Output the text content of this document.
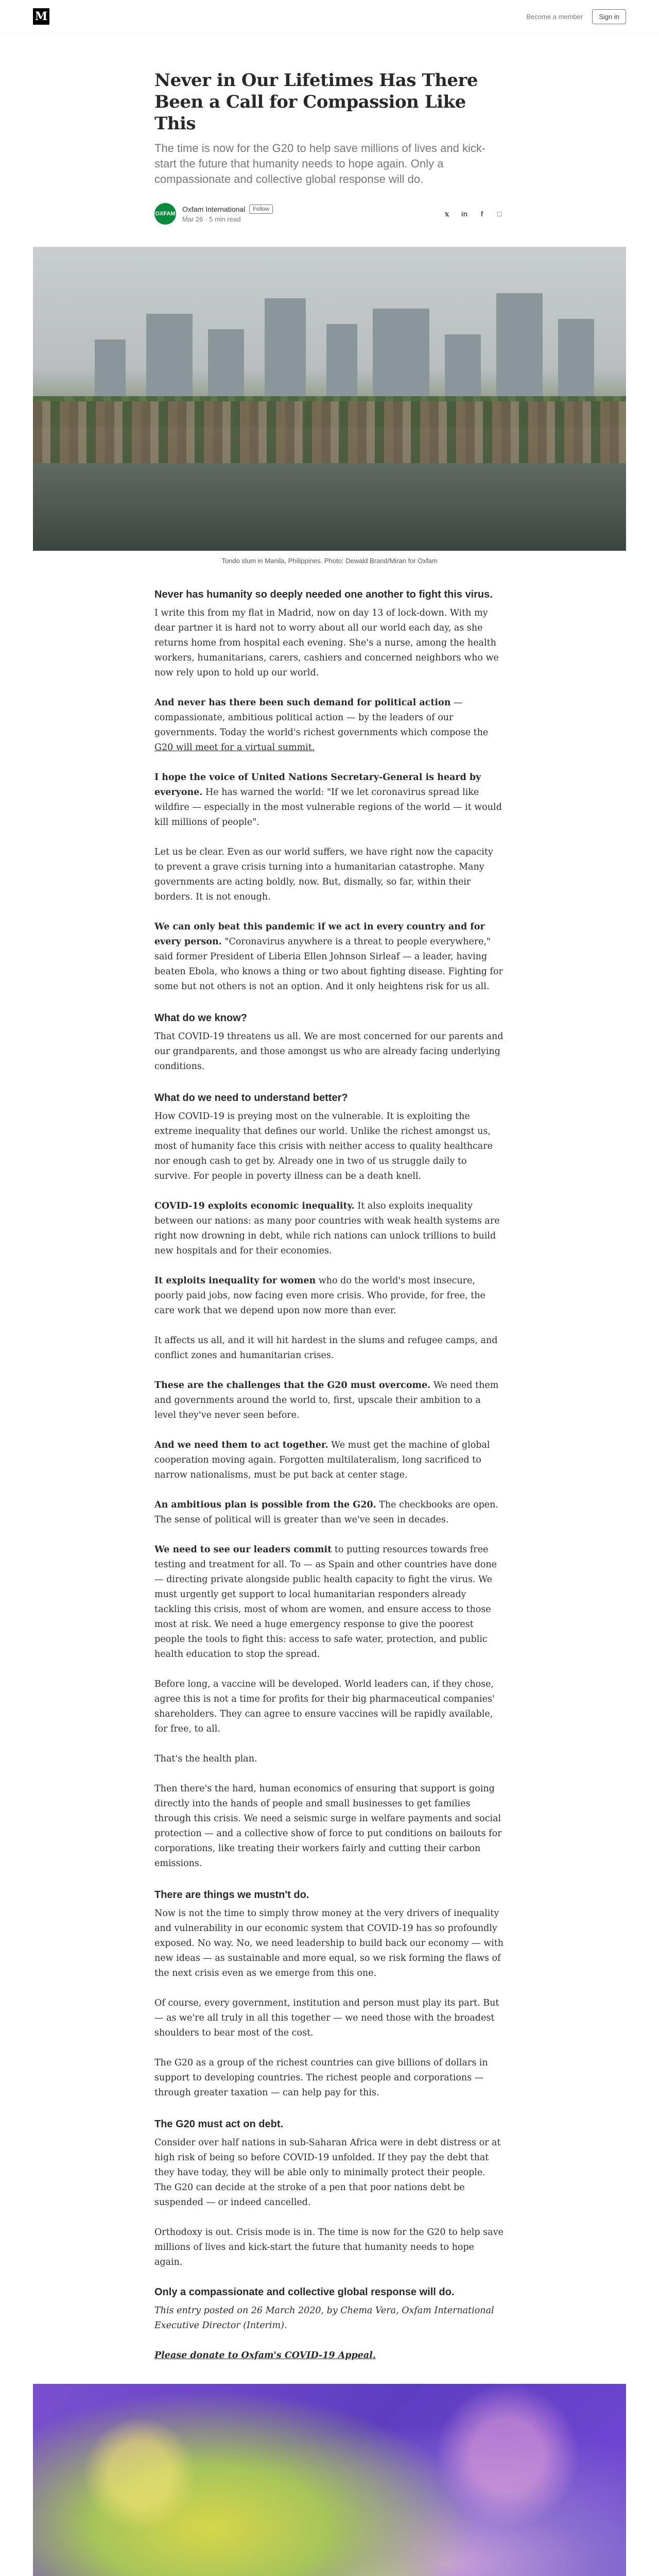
M	Become a member	Sign in
Never in Our Lifetimes Has There Been a Call for Compassion Like This
The time is now for the G20 to help save millions of lives and kick-start the future that humanity needs to hope again. Only a compassionate and collective global response will do.
OXFAM
Oxfam International	Follow
Mar 26 · 5 min read
𝕩	in	f	□
Tondo slum in Manila, Philippines. Photo: Dewald Brand/Miran for Oxfam

Never has humanity so deeply needed one another to fight this virus.

I write this from my flat in Madrid, now on day 13 of lock-down. With my dear partner it is hard not to worry about all our world each day, as she returns home from hospital each evening. She's a nurse, among the health workers, humanitarians, carers, cashiers and concerned neighbors who we now rely upon to hold up our world.

And never has there been such demand for political action — compassionate, ambitious political action — by the leaders of our governments. Today the world's richest governments which compose the G20 will meet for a virtual summit.

I hope the voice of United Nations Secretary-General is heard by everyone. He has warned the world: "If we let coronavirus spread like wildfire — especially in the most vulnerable regions of the world — it would kill millions of people".

Let us be clear. Even as our world suffers, we have right now the capacity to prevent a grave crisis turning into a humanitarian catastrophe. Many governments are acting boldly, now. But, dismally, so far, within their borders. It is not enough.

We can only beat this pandemic if we act in every country and for every person. "Coronavirus anywhere is a threat to people everywhere," said former President of Liberia Ellen Johnson Sirleaf — a leader, having beaten Ebola, who knows a thing or two about fighting disease. Fighting for some but not others is not an option. And it only heightens risk for us all.

What do we know?

That COVID-19 threatens us all. We are most concerned for our parents and our grandparents, and those amongst us who are already facing underlying conditions.

What do we need to understand better?

How COVID-19 is preying most on the vulnerable. It is exploiting the extreme inequality that defines our world. Unlike the richest amongst us, most of humanity face this crisis with neither access to quality healthcare nor enough cash to get by. Already one in two of us struggle daily to survive. For people in poverty illness can be a death knell.

COVID-19 exploits economic inequality. It also exploits inequality between our nations: as many poor countries with weak health systems are right now drowning in debt, while rich nations can unlock trillions to build new hospitals and for their economies.

It exploits inequality for women who do the world's most insecure, poorly paid jobs, now facing even more crisis. Who provide, for free, the care work that we depend upon now more than ever.

It affects us all, and it will hit hardest in the slums and refugee camps, and conflict zones and humanitarian crises.

These are the challenges that the G20 must overcome. We need them and governments around the world to, first, upscale their ambition to a level they've never seen before.

And we need them to act together. We must get the machine of global cooperation moving again. Forgotten multilateralism, long sacrificed to narrow nationalisms, must be put back at center stage.

An ambitious plan is possible from the G20. The checkbooks are open. The sense of political will is greater than we've seen in decades.

We need to see our leaders commit to putting resources towards free testing and treatment for all. To — as Spain and other countries have done — directing private alongside public health capacity to fight the virus. We must urgently get support to local humanitarian responders already tackling this crisis, most of whom are women, and ensure access to those most at risk. We need a huge emergency response to give the poorest people the tools to fight this: access to safe water, protection, and public health education to stop the spread.

Before long, a vaccine will be developed. World leaders can, if they chose, agree this is not a time for profits for their big pharmaceutical companies' shareholders. They can agree to ensure vaccines will be rapidly available, for free, to all.

That's the health plan.

Then there's the hard, human economics of ensuring that support is going directly into the hands of people and small businesses to get families through this crisis. We need a seismic surge in welfare payments and social protection — and a collective show of force to put conditions on bailouts for corporations, like treating their workers fairly and cutting their carbon emissions.

There are things we mustn't do.

Now is not the time to simply throw money at the very drivers of inequality and vulnerability in our economic system that COVID-19 has so profoundly exposed. No way. No, we need leadership to build back our economy — with new ideas — as sustainable and more equal, so we risk forming the flaws of the next crisis even as we emerge from this one.

Of course, every government, institution and person must play its part. But — as we're all truly in all this together — we need those with the broadest shoulders to bear most of the cost.

The G20 as a group of the richest countries can give billions of dollars in support to developing countries. The richest people and corporations — through greater taxation — can help pay for this.

The G20 must act on debt.

Consider over half nations in sub-Saharan Africa were in debt distress or at high risk of being so before COVID-19 unfolded. If they pay the debt that they have today, they will be able only to minimally protect their people. The G20 can decide at the stroke of a pen that poor nations debt be suspended — or indeed cancelled.

Orthodoxy is out. Crisis mode is in. The time is now for the G20 to help save millions of lives and kick-start the future that humanity needs to hope again.

Only a compassionate and collective global response will do.

This entry posted on 26 March 2020, by Chema Vera, Oxfam International Executive Director (Interim).

Please donate to Oxfam's COVID-19 Appeal.
